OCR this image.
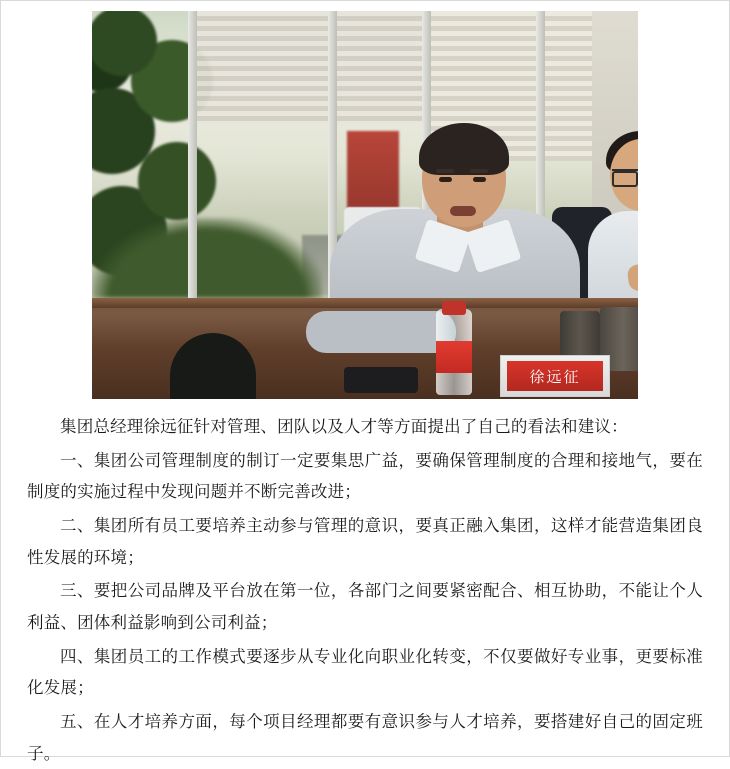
徐远征

集团总经理徐远征针对管理、团队以及人才等方面提出了自己的看法和建议：

一、集团公司管理制度的制订一定要集思广益，要确保管理制度的合理和接地气，要在制度的实施过程中发现问题并不断完善改进；

二、集团所有员工要培养主动参与管理的意识，要真正融入集团，这样才能营造集团良性发展的环境；

三、要把公司品牌及平台放在第一位，各部门之间要紧密配合、相互协助，不能让个人利益、团体利益影响到公司利益；

四、集团员工的工作模式要逐步从专业化向职业化转变，不仅要做好专业事，更要标准化发展；

五、在人才培养方面，每个项目经理都要有意识参与人才培养，要搭建好自己的固定班子。
